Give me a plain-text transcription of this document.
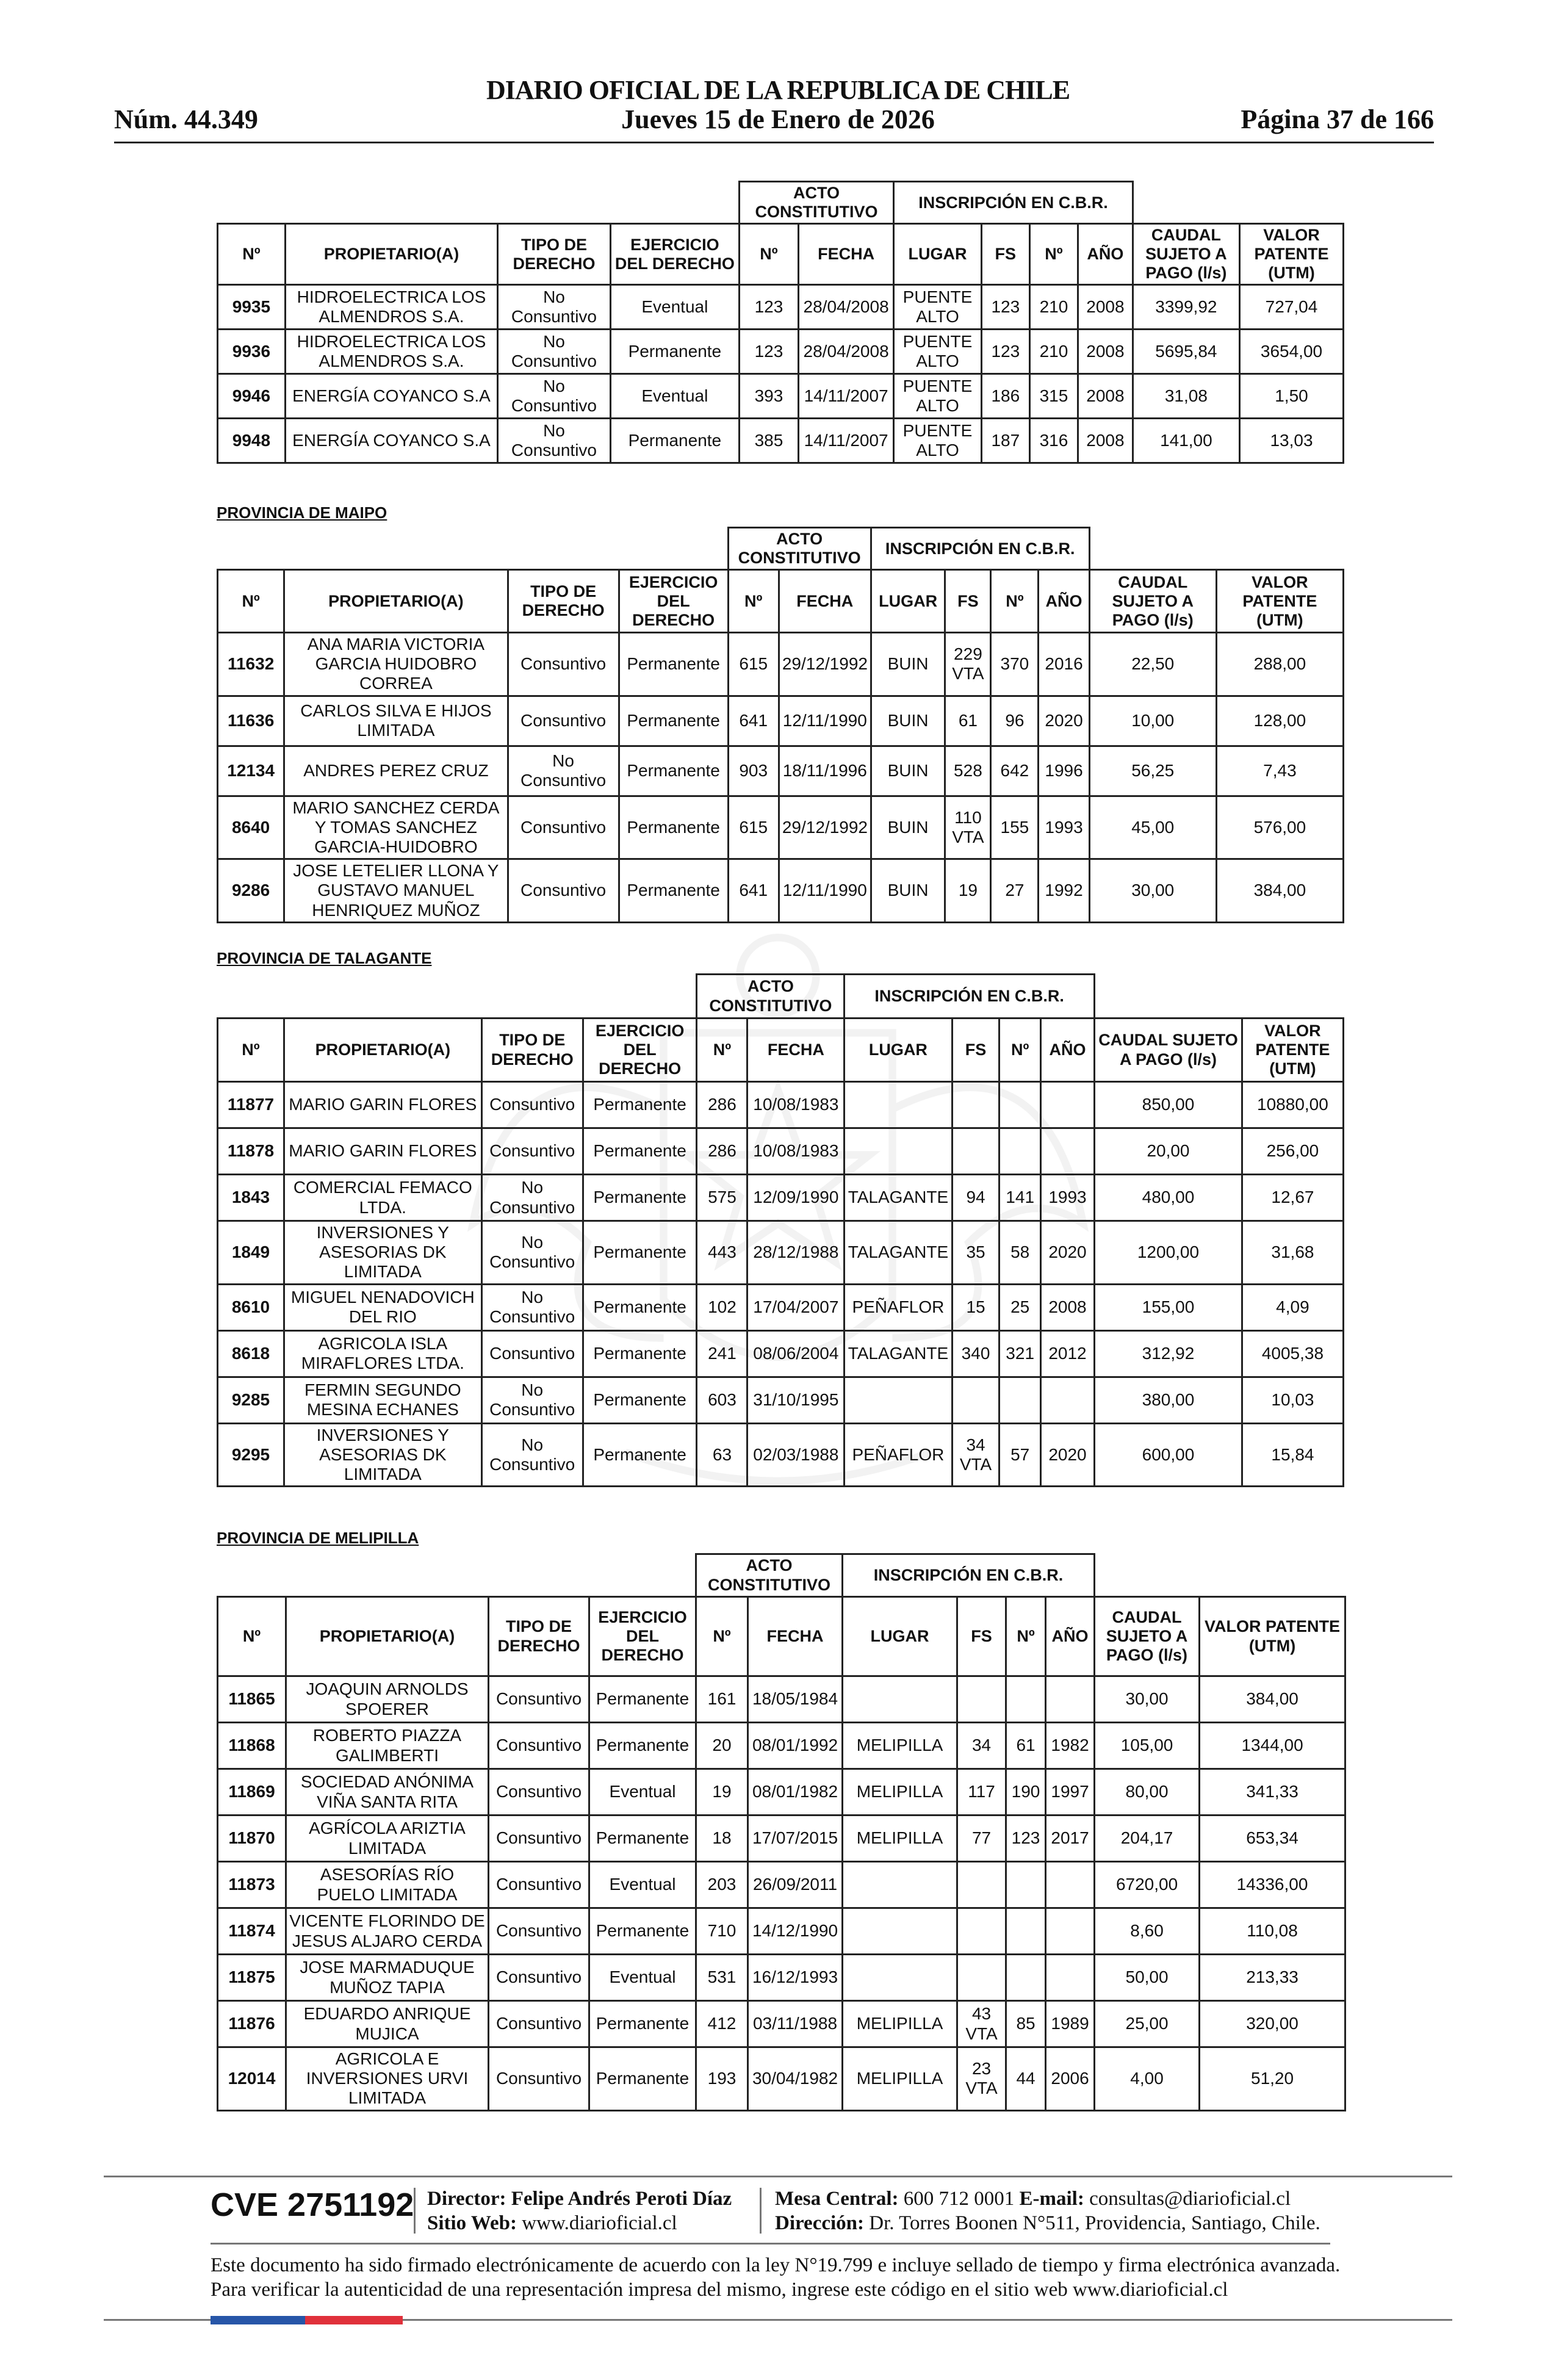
DIARIO OFICIAL DE LA REPUBLICA DE CHILE
Núm. 44.349	Jueves 15 de Enero de 2026	Página 37 de 166
				ACTO CONSTITUTIVO		INSCRIPCIÓN EN C.B.R.					
Nº	PROPIETARIO(A)	TIPO DE DERECHO	EJERCICIO DEL DERECHO	Nº	FECHA	LUGAR	FS	Nº	AÑO	CAUDAL SUJETO A PAGO (l/s)	VALOR PATENTE (UTM)
9935	HIDROELECTRICA LOS ALMENDROS S.A.	No Consuntivo	Eventual	123	28/04/2008	PUENTE ALTO	123	210	2008	3399,92	727,04
9936	HIDROELECTRICA LOS ALMENDROS S.A.	No Consuntivo	Permanente	123	28/04/2008	PUENTE ALTO	123	210	2008	5695,84	3654,00
9946	ENERGÍA COYANCO S.A	No Consuntivo	Eventual	393	14/11/2007	PUENTE ALTO	186	315	2008	31,08	1,50
9948	ENERGÍA COYANCO S.A	No Consuntivo	Permanente	385	14/11/2007	PUENTE ALTO	187	316	2008	141,00	13,03
PROVINCIA DE MAIPO
				ACTO CONSTITUTIVO		INSCRIPCIÓN EN C.B.R.					
Nº	PROPIETARIO(A)	TIPO DE DERECHO	EJERCICIO DEL DERECHO	Nº	FECHA	LUGAR	FS	Nº	AÑO	CAUDAL SUJETO A PAGO (l/s)	VALOR PATENTE (UTM)
11632	ANA MARIA VICTORIA GARCIA HUIDOBRO CORREA	Consuntivo	Permanente	615	29/12/1992	BUIN	229 VTA	370	2016	22,50	288,00
11636	CARLOS SILVA E HIJOS LIMITADA	Consuntivo	Permanente	641	12/11/1990	BUIN	61	96	2020	10,00	128,00
12134	ANDRES PEREZ CRUZ	No Consuntivo	Permanente	903	18/11/1996	BUIN	528	642	1996	56,25	7,43
8640	MARIO SANCHEZ CERDA Y TOMAS SANCHEZ GARCIA-HUIDOBRO	Consuntivo	Permanente	615	29/12/1992	BUIN	110 VTA	155	1993	45,00	576,00
9286	JOSE LETELIER LLONA Y GUSTAVO MANUEL HENRIQUEZ MUÑOZ	Consuntivo	Permanente	641	12/11/1990	BUIN	19	27	1992	30,00	384,00
PROVINCIA DE TALAGANTE
				ACTO CONSTITUTIVO		INSCRIPCIÓN EN C.B.R.					
Nº	PROPIETARIO(A)	TIPO DE DERECHO	EJERCICIO DEL DERECHO	Nº	FECHA	LUGAR	FS	Nº	AÑO	CAUDAL SUJETO A PAGO (l/s)	VALOR PATENTE (UTM)
11877	MARIO GARIN FLORES	Consuntivo	Permanente	286	10/08/1983					850,00	10880,00
11878	MARIO GARIN FLORES	Consuntivo	Permanente	286	10/08/1983					20,00	256,00
1843	COMERCIAL FEMACO LTDA.	No Consuntivo	Permanente	575	12/09/1990	TALAGANTE	94	141	1993	480,00	12,67
1849	INVERSIONES Y ASESORIAS DK LIMITADA	No Consuntivo	Permanente	443	28/12/1988	TALAGANTE	35	58	2020	1200,00	31,68
8610	MIGUEL NENADOVICH DEL RIO	No Consuntivo	Permanente	102	17/04/2007	PEÑAFLOR	15	25	2008	155,00	4,09
8618	AGRICOLA ISLA MIRAFLORES LTDA.	Consuntivo	Permanente	241	08/06/2004	TALAGANTE	340	321	2012	312,92	4005,38
9285	FERMIN SEGUNDO MESINA ECHANES	No Consuntivo	Permanente	603	31/10/1995					380,00	10,03
9295	INVERSIONES Y ASESORIAS DK LIMITADA	No Consuntivo	Permanente	63	02/03/1988	PEÑAFLOR	34 VTA	57	2020	600,00	15,84
PROVINCIA DE MELIPILLA
				ACTO CONSTITUTIVO		INSCRIPCIÓN EN C.B.R.					
Nº	PROPIETARIO(A)	TIPO DE DERECHO	EJERCICIO DEL DERECHO	Nº	FECHA	LUGAR	FS	Nº	AÑO	CAUDAL SUJETO A PAGO (l/s)	VALOR PATENTE (UTM)
11865	JOAQUIN ARNOLDS SPOERER	Consuntivo	Permanente	161	18/05/1984					30,00	384,00
11868	ROBERTO PIAZZA GALIMBERTI	Consuntivo	Permanente	20	08/01/1992	MELIPILLA	34	61	1982	105,00	1344,00
11869	SOCIEDAD ANÓNIMA VIÑA SANTA RITA	Consuntivo	Eventual	19	08/01/1982	MELIPILLA	117	190	1997	80,00	341,33
11870	AGRÍCOLA ARIZTIA LIMITADA	Consuntivo	Permanente	18	17/07/2015	MELIPILLA	77	123	2017	204,17	653,34
11873	ASESORÍAS RÍO PUELO LIMITADA	Consuntivo	Eventual	203	26/09/2011					6720,00	14336,00
11874	VICENTE FLORINDO DE JESUS ALJARO CERDA	Consuntivo	Permanente	710	14/12/1990					8,60	110,08
11875	JOSE MARMADUQUE MUÑOZ TAPIA	Consuntivo	Eventual	531	16/12/1993					50,00	213,33
11876	EDUARDO ANRIQUE MUJICA	Consuntivo	Permanente	412	03/11/1988	MELIPILLA	43 VTA	85	1989	25,00	320,00
12014	AGRICOLA E INVERSIONES URVI LIMITADA	Consuntivo	Permanente	193	30/04/1982	MELIPILLA	23 VTA	44	2006	4,00	51,20
CVE 2751192 Director: Felipe Andrés Peroti Díaz
Sitio Web: www.diarioficial.cl
Mesa Central: 600 712 0001 E-mail: consultas@diarioficial.cl
Dirección: Dr. Torres Boonen N°511, Providencia, Santiago, Chile.
Este documento ha sido firmado electrónicamente de acuerdo con la ley N°19.799 e incluye sellado de tiempo y firma electrónica avanzada. Para verificar la autenticidad de una representación impresa del mismo, ingrese este código en el sitio web www.diarioficial.cl
